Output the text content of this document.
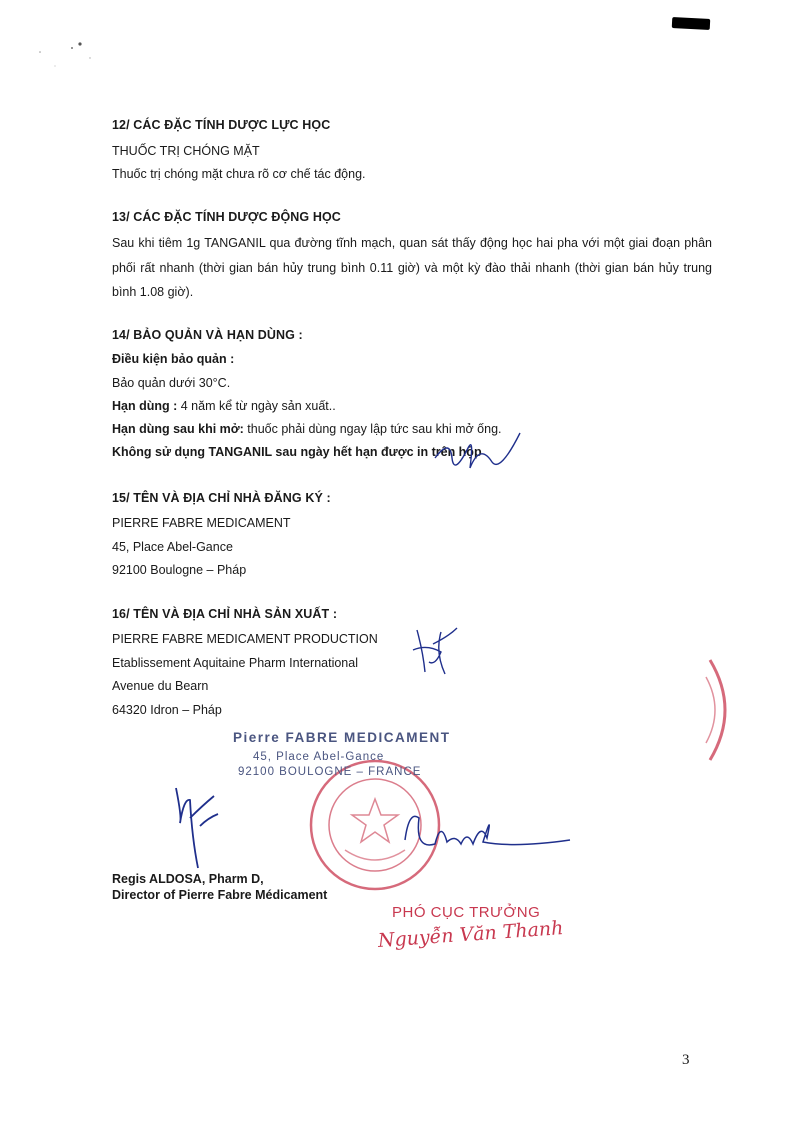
12/ CÁC ĐẶC TÍNH DƯỢC LỰC HỌC
THUỐC TRỊ CHÓNG MẶT
Thuốc trị chóng mặt chưa rõ cơ chế tác động.
13/ CÁC ĐẶC TÍNH DƯỢC ĐỘNG HỌC
Sau khi tiêm 1g TANGANIL qua đường tĩnh mạch, quan sát thấy động học hai pha với một giai đoạn phân phối rất nhanh (thời gian bán hủy trung bình 0.11 giờ) và một kỳ đào thải nhanh (thời gian bán hủy trung bình 1.08 giờ).
14/ BẢO QUẢN VÀ HẠN DÙNG :
Điều kiện bảo quản :
Bảo quản dưới 30°C.
Hạn dùng : 4 năm kể từ ngày sản xuất..
Hạn dùng sau khi mở: thuốc phải dùng ngay lập tức sau khi mở ống.
Không sử dụng TANGANIL sau ngày hết hạn được in trên hộp
15/ TÊN VÀ ĐỊA CHỈ NHÀ ĐĂNG KÝ :
PIERRE FABRE MEDICAMENT
45, Place Abel-Gance
92100 Boulogne – Pháp
16/ TÊN VÀ ĐỊA CHỈ NHÀ SẢN XUẤT :
PIERRE FABRE MEDICAMENT PRODUCTION
Etablissement Aquitaine Pharm International
Avenue du Bearn
64320 Idron – Pháp
Pierre FABRE MEDICAMENT
45, Place Abel-Gance
92100 BOULOGNE – FRANCE
Regis ALDOSA, Pharm D,
Director of Pierre Fabre Médicament
PHÓ CỤC TRƯỞNG
Nguyễn Văn Thanh
3
